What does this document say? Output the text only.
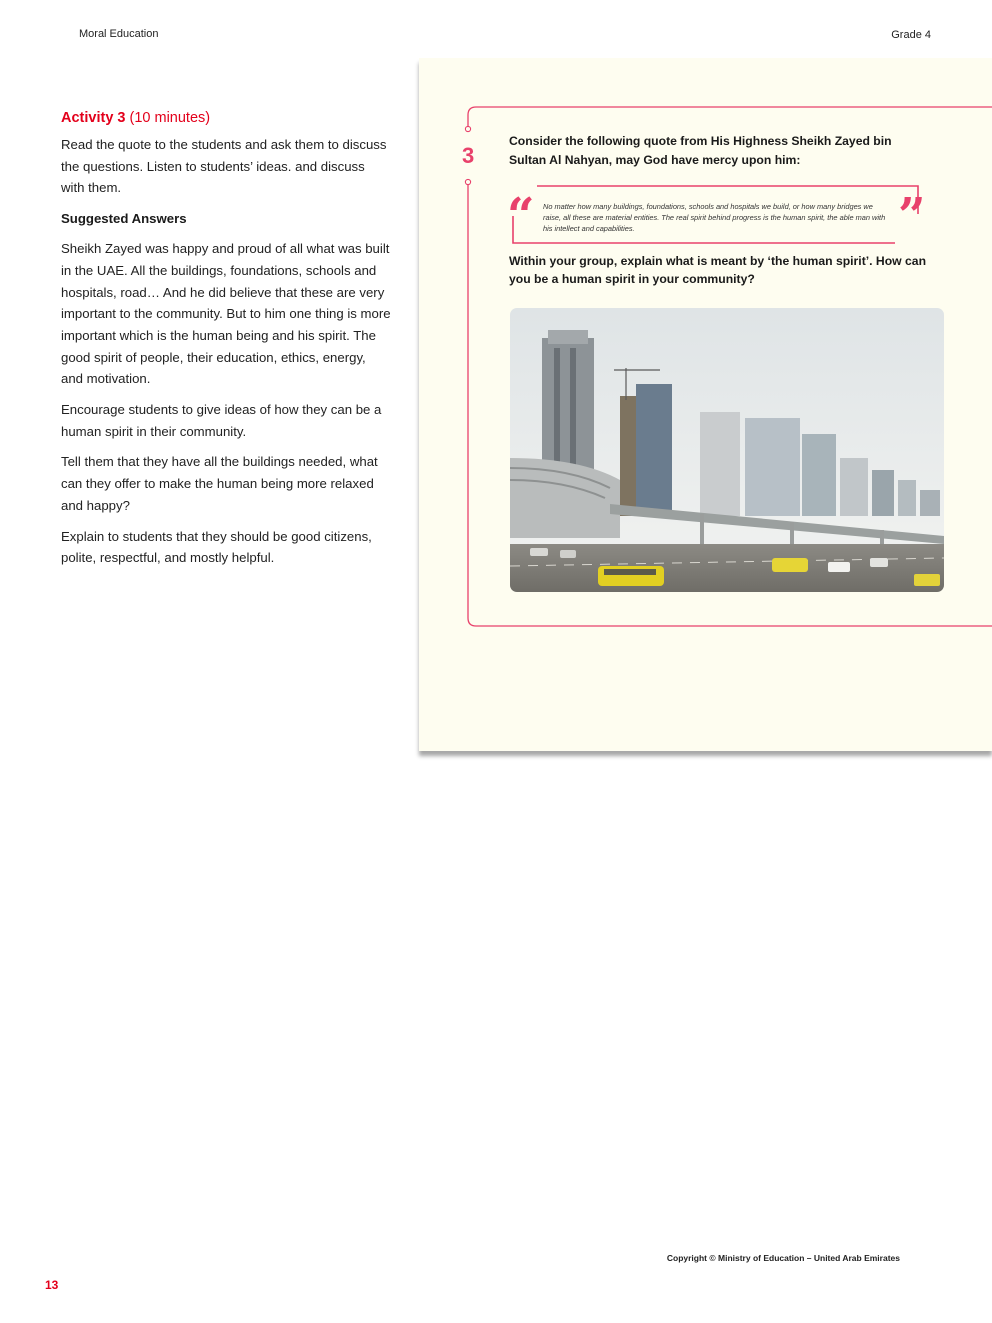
Moral Education	Grade 4
Activity 3 (10 minutes)

Read the quote to the students and ask them to discuss the questions. Listen to students’ ideas. and discuss with them.

Suggested Answers

Sheikh Zayed was happy and proud of all what was built in the UAE. All the buildings, foundations, schools and hospitals, road… And he did believe that these are very important to the community. But to him one thing is more important which is the human being and his spirit. The good spirit of people, their education, ethics, energy, and motivation.

Encourage students to give ideas of how they can be a human spirit in their community.

Tell them that they have all the buildings needed, what can they offer to make the human being more relaxed and happy?

Explain to students that they should be good citizens, polite, respectful, and mostly helpful.

3
Consider the following quote from His Highness Sheikh Zayed bin Sultan Al Nahyan, may God have mercy upon him:
“ No matter how many buildings, foundations, schools and hospitals we build, or how many bridges we raise, all these are material entities. The real spirit behind progress is the human spirit, the able man with his intellect and capabilities.	”
Within your group, explain what is meant by ‘the human spirit’. How can you be a human spirit in your community?
Copyright © Ministry of Education – United Arab Emirates
13
